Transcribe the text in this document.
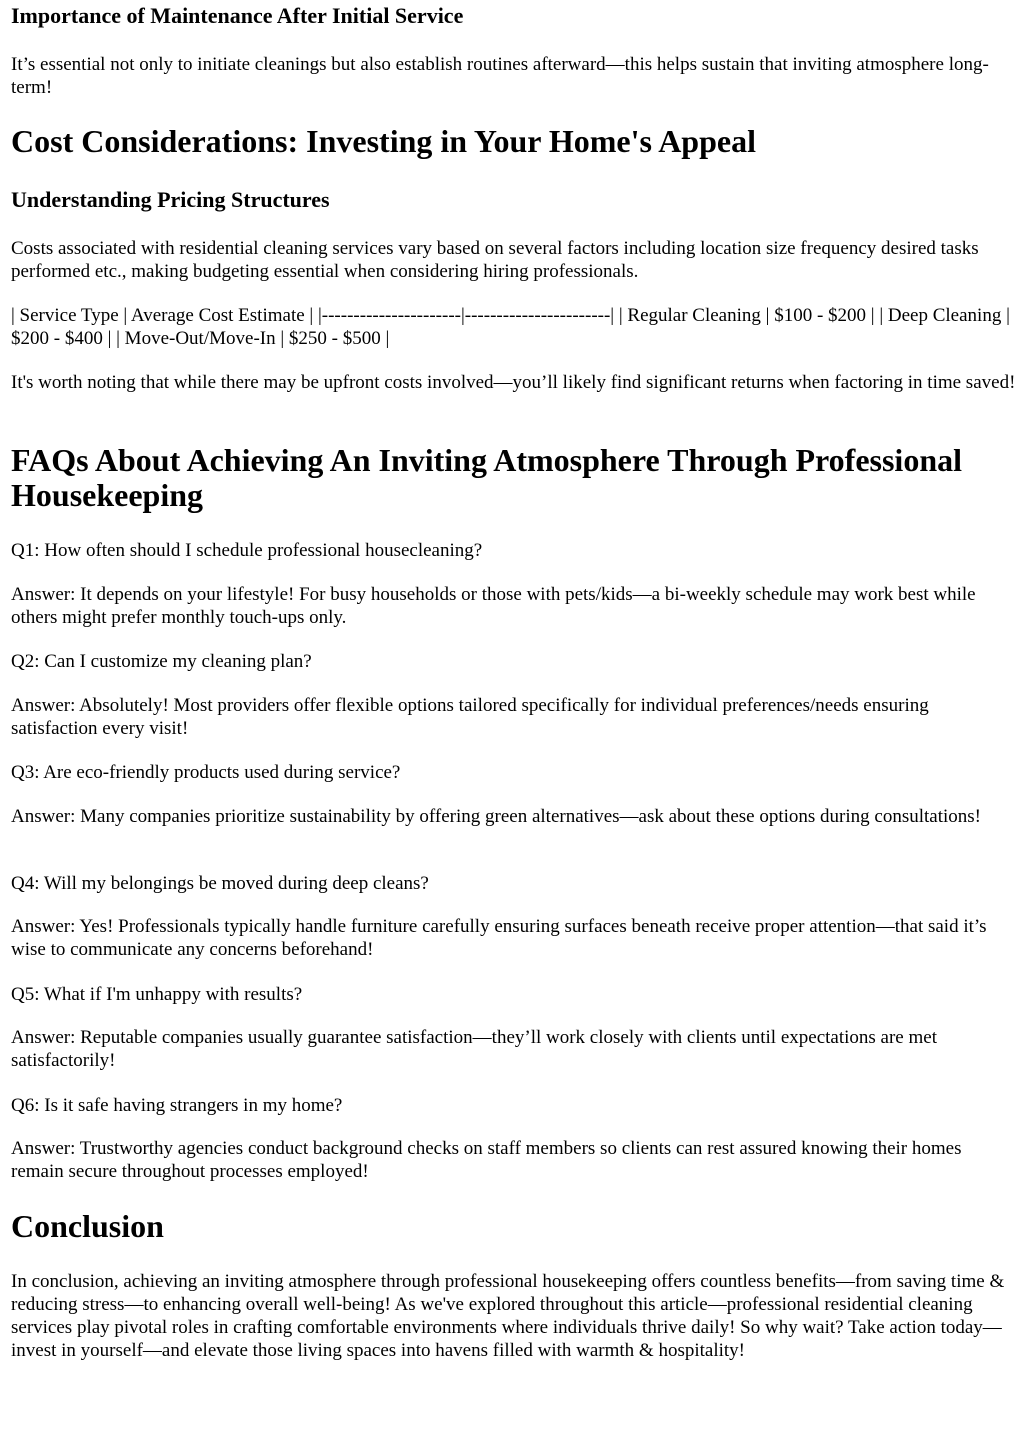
Importance of Maintenance After Initial Service

It’s essential not only to initiate cleanings but also establish routines afterward—this helps sustain that inviting atmosphere long-term!

Cost Considerations: Investing in Your Home's Appeal
Understanding Pricing Structures

Costs associated with residential cleaning services vary based on several factors including location size frequency desired tasks performed etc., making budgeting essential when considering hiring professionals.

| Service Type | Average Cost Estimate | |----------------------|-----------------------| | Regular Cleaning | $100 - $200 | | Deep Cleaning | $200 - $400 | | Move-Out/Move-In | $250 - $500 |

It's worth noting that while there may be upfront costs involved—you’ll likely find significant returns when factoring in time saved!

FAQs About Achieving An Inviting Atmosphere Through Professional Housekeeping

Q1: How often should I schedule professional housecleaning?

Answer: It depends on your lifestyle! For busy households or those with pets/kids—a bi-weekly schedule may work best while others might prefer monthly touch-ups only.

Q2: Can I customize my cleaning plan?

Answer: Absolutely! Most providers offer flexible options tailored specifically for individual preferences/needs ensuring satisfaction every visit!

Q3: Are eco-friendly products used during service?

Answer: Many companies prioritize sustainability by offering green alternatives—ask about these options during consultations!

Q4: Will my belongings be moved during deep cleans?

Answer: Yes! Professionals typically handle furniture carefully ensuring surfaces beneath receive proper attention—that said it’s wise to communicate any concerns beforehand!

Q5: What if I'm unhappy with results?

Answer: Reputable companies usually guarantee satisfaction—they’ll work closely with clients until expectations are met satisfactorily!

Q6: Is it safe having strangers in my home?

Answer: Trustworthy agencies conduct background checks on staff members so clients can rest assured knowing their homes remain secure throughout processes employed!

Conclusion

In conclusion, achieving an inviting atmosphere through professional housekeeping offers countless benefits—from saving time & reducing stress—to enhancing overall well-being! As we've explored throughout this article—professional residential cleaning services play pivotal roles in crafting comfortable environments where individuals thrive daily! So why wait? Take action today—invest in yourself—and elevate those living spaces into havens filled with warmth & hospitality!
